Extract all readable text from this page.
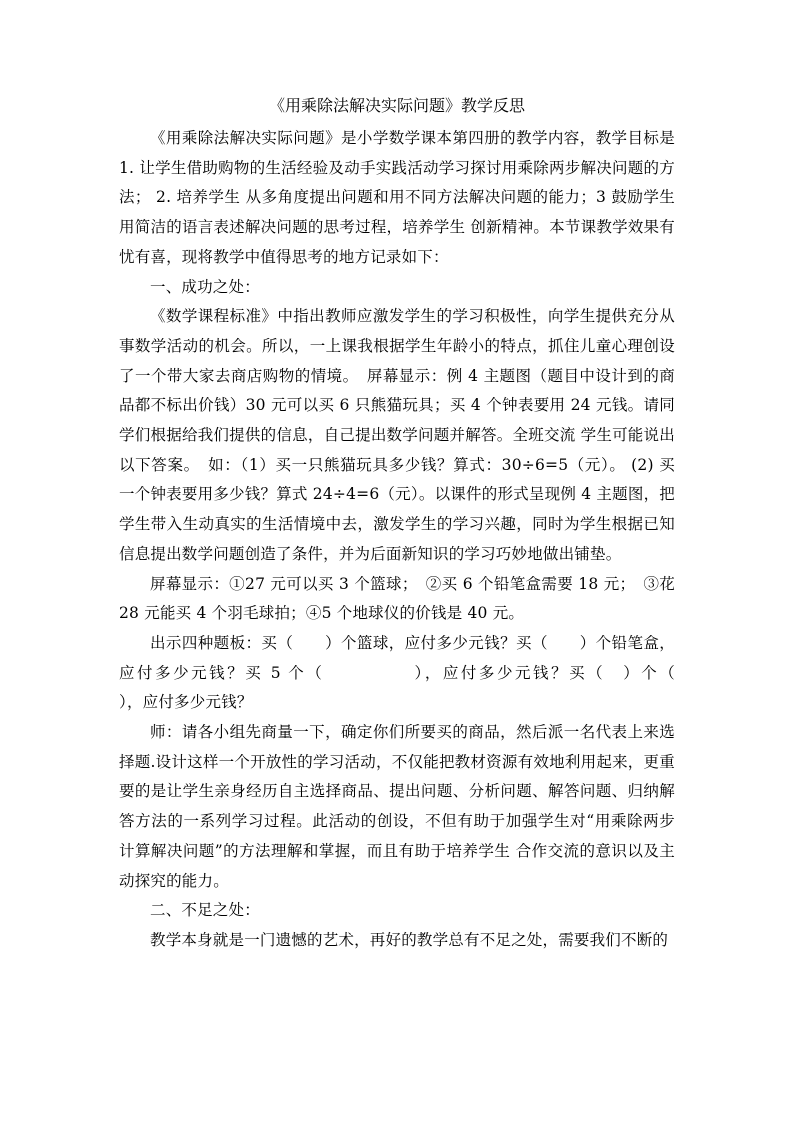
《用乘除法解决实际问题》教学反思

《用乘除法解决实际问题》是小学数学课本第四册的教学内容，教学目标是 1. 让学生借助购物的生活经验及动手实践活动学习探讨用乘除两步解决问题的方法； 2. 培养学生 从多角度提出问题和用不同方法解决问题的能力；3 鼓励学生用简洁的语言表述解决问题的思考过程，培养学生 创新精神。本节课教学效果有忧有喜，现将教学中值得思考的地方记录如下：

一、成功之处：

《数学课程标准》中指出教师应激发学生的学习积极性，向学生提供充分从事数学活动的机会。所以，一上课我根据学生年龄小的特点，抓住儿童心理创设了一个带大家去商店购物的情境。　屏幕显示：例 4 主题图（题目中设计到的商品都不标出价钱）30 元可以买 6 只熊猫玩具；买 4 个钟表要用 24 元钱。请同学们根据给我们提供的信息，自己提出数学问题并解答。全班交流 学生可能说出以下答案。　如：（1）买一只熊猫玩具多少钱？算式：30÷6=5（元）。 (2) 买一个钟表要用多少钱？算式 24÷4=6（元）。以课件的形式呈现例 4 主题图，把学生带入生动真实的生活情境中去，激发学生的学习兴趣，同时为学生根据已知信息提出数学问题创造了条件，并为后面新知识的学习巧妙地做出铺垫。

屏幕显示：①27 元可以买 3 个篮球；　②买 6 个铅笔盒需要 18 元；　③花 28 元能买 4 个羽毛球拍；④5 个地球仪的价钱是 40 元。

出示四种题板：买（　　）个篮球，应付多少元钱？买（　　）个铅笔盒，应付多少元钱？买 5 个（　　　　　），应付多少元钱？买（　）个（　　　　　），应付多少元钱？

师：请各小组先商量一下，确定你们所要买的商品，然后派一名代表上来选择题.设计这样一个开放性的学习活动，不仅能把教材资源有效地利用起来，更重要的是让学生亲身经历自主选择商品、提出问题、分析问题、解答问题、归纳解答方法的一系列学习过程。此活动的创设，不但有助于加强学生对“用乘除两步计算解决问题”的方法理解和掌握，而且有助于培养学生 合作交流的意识以及主动探究的能力。

二、不足之处：

教学本身就是一门遗憾的艺术，再好的教学总有不足之处，需要我们不断的
